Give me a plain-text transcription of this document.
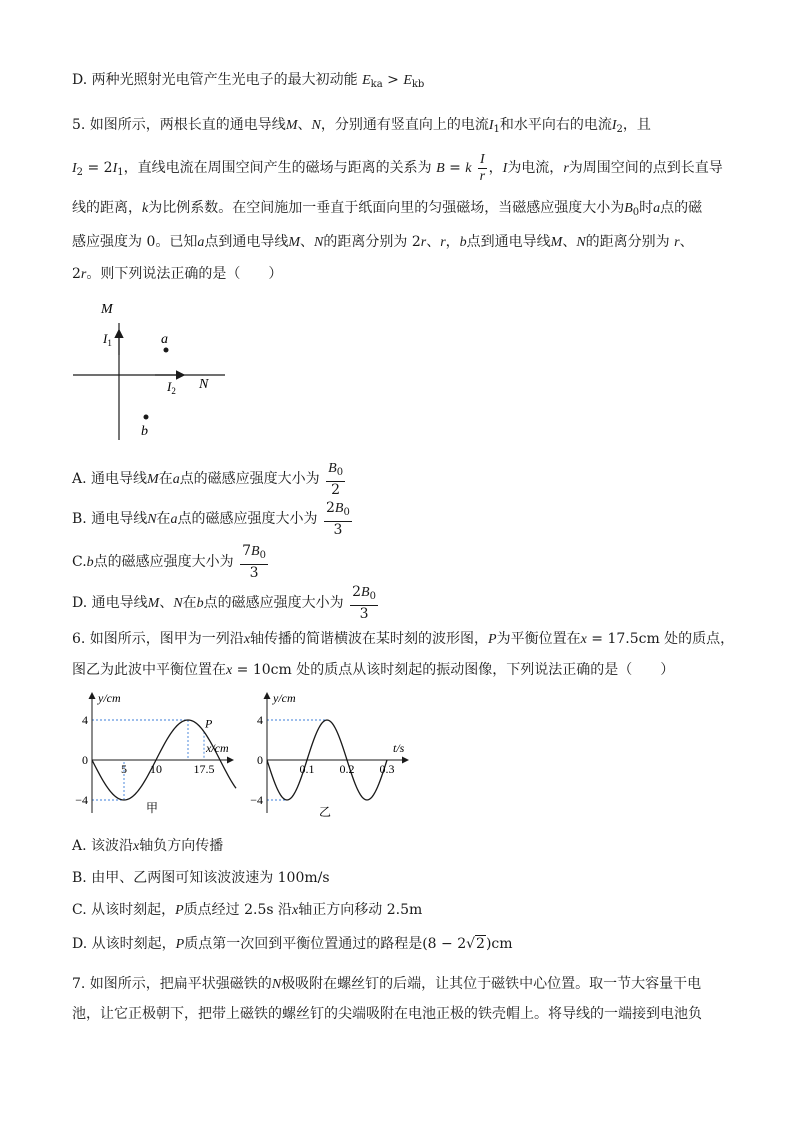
D. 两种光照射光电管产生光电子的最大初动能 $E_{ka} > E_{kb}$
5. 如图所示，两根长直的通电导线M、N，分别通有竖直向上的电流$I_1$和水平向右的电流$I_2$，且
$I_2 = 2I_1$，直线电流在周围空间产生的磁场与距离的关系为 B = k $\frac{I}{r}$ ，I为电流，r为周围空间的点到长直导
线的距离，k为比例系数。在空间施加一垂直于纸面向里的匀强磁场，当磁感应强度大小为$B_0$时a点的磁
感应强度为 0。已知a点到通电导线M、N的距离分别为 2r、r，b点到通电导线M、N的距离分别为 r、
2r。则下列说法正确的是（　　）
M
N
$I_1$
$I_2$
a
b
A. 通电导线M在a点的磁感应强度大小为 $\frac{B_0}{2}$
B. 通电导线N在a点的磁感应强度大小为 $\frac{2B_0}{3}$
C.b点的磁感应强度大小为 $\frac{7B_0}{3}$
D. 通电导线M、N在b点的磁感应强度大小为 $\frac{2B_0}{3}$
6. 如图所示，图甲为一列沿x轴传播的简谐横波在某时刻的波形图，P为平衡位置在x = 17.5cm 处的质点，
图乙为此波中平衡位置在x = 10cm 处的质点从该时刻起的振动图像，下列说法正确的是（　　）
y/cm
x/cm
4
0
−4
5 10	17.5
P
甲
y/cm
t/s
4
0
−4
0.1 0.2 0.3
乙
A. 该波沿x轴负方向传播
B. 由甲、乙两图可知该波波速为 100m/s
C. 从该时刻起，P质点经过 2.5s 沿x轴正方向移动 2.5m
D. 从该时刻起，P质点第一次回到平衡位置通过的路程是(8 − 2√2)cm
7. 如图所示，把扁平状强磁铁的N极吸附在螺丝钉的后端，让其位于磁铁中心位置。取一节大容量干电
池，让它正极朝下，把带上磁铁的螺丝钉的尖端吸附在电池正极的铁壳帽上。将导线的一端接到电池负
